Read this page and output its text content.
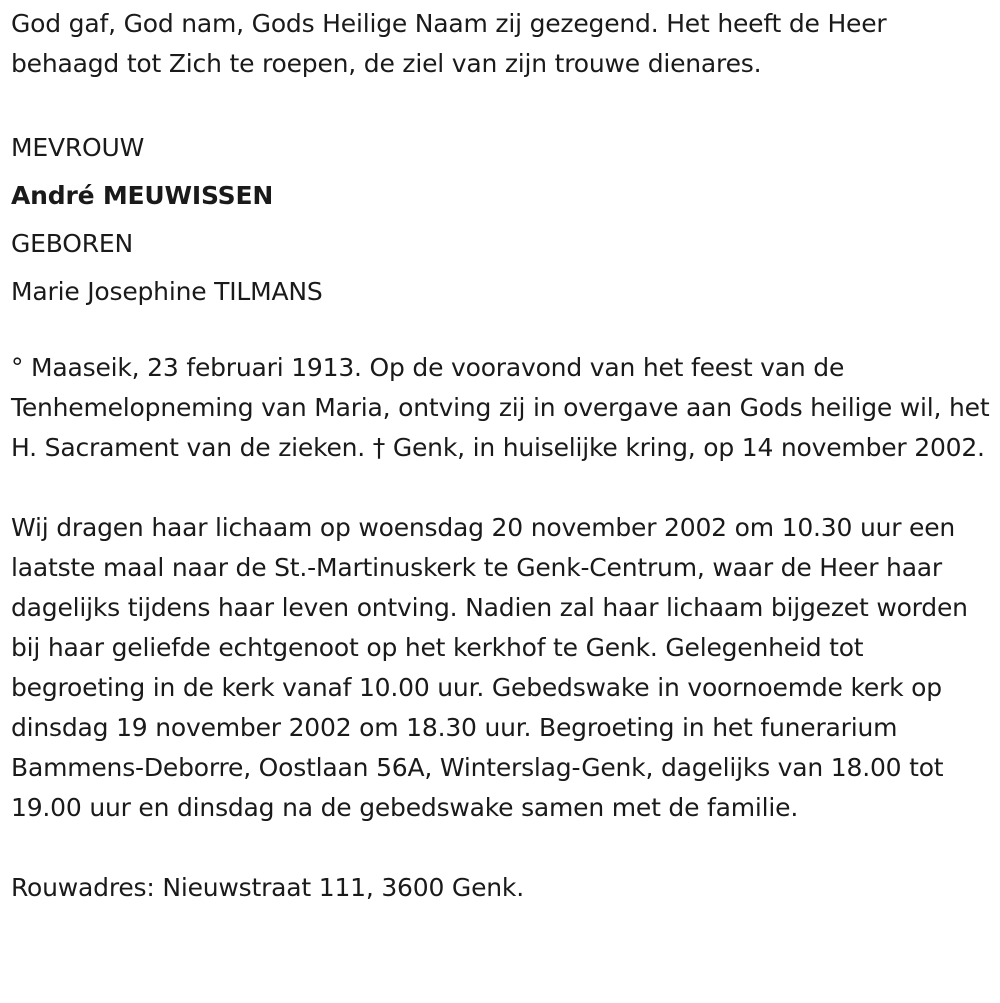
God gaf, God nam, Gods Heilige Naam zij gezegend. Het heeft de Heer behaagd tot Zich te roepen, de ziel van zijn trouwe dienares.

MEVROUW
André MEUWISSEN
GEBOREN
Marie Josephine TILMANS

° Maaseik, 23 februari 1913. Op de vooravond van het feest van de Tenhemelopneming van Maria, ontving zij in overgave aan Gods heilige wil, het H. Sacrament van de zieken. † Genk, in huiselijke kring, op 14 november 2002.

Wij dragen haar lichaam op woensdag 20 november 2002 om 10.30 uur een laatste maal naar de St.-Martinuskerk te Genk-Centrum, waar de Heer haar dagelijks tijdens haar leven ontving. Nadien zal haar lichaam bijgezet worden bij haar geliefde echtgenoot op het kerkhof te Genk. Gelegenheid tot begroeting in de kerk vanaf 10.00 uur. Gebedswake in voornoemde kerk op dinsdag 19 november 2002 om 18.30 uur. Begroeting in het funerarium Bammens-Deborre, Oostlaan 56A, Winterslag-Genk, dagelijks van 18.00 tot 19.00 uur en dinsdag na de gebedswake samen met de familie.

Rouwadres: Nieuwstraat 111, 3600 Genk.
